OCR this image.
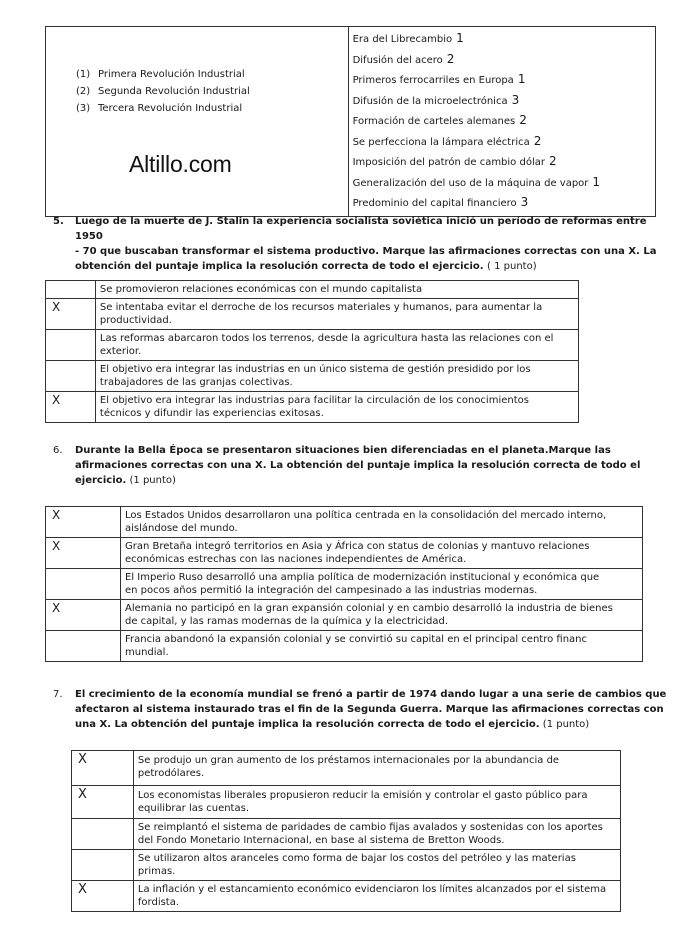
(1) Primera Revolución Industrial
(2) Segunda Revolución Industrial
(3) Tercera Revolución Industrial
Altillo.com

Era del Librecambio 1
Difusión del acero 2
Primeros ferrocarriles en Europa 1
Difusión de la microelectrónica 3
Formación de carteles alemanes 2
Se perfecciona la lámpara eléctrica 2
Imposición del patrón de cambio dólar 2
Generalización del uso de la máquina de vapor 1
Predominio del capital financiero 3
5. Luego de la muerte de J. Stalin la experiencia socialista soviética inició un período de reformas entre 1950
- 70 que buscaban transformar el sistema productivo. Marque las afirmaciones correctas con una X. La
obtención del puntaje implica la resolución correcta de todo el ejercicio. ( 1 punto)

	Se promovieron relaciones económicas con el mundo capitalista

X	Se intentaba evitar el derroche de los recursos materiales y humanos, para aumentar la
productividad.

	Las reformas abarcaron todos los terrenos, desde la agricultura hasta las relaciones con el
exterior.

	El objetivo era integrar las industrias en un único sistema de gestión presidido por los
trabajadores de las granjas colectivas.

X	El objetivo era integrar las industrias para facilitar la circulación de los conocimientos
técnicos y difundir las experiencias exitosas.
6. Durante la Bella Época se presentaron situaciones bien diferenciadas en el planeta.Marque las
afirmaciones correctas con una X. La obtención del puntaje implica la resolución correcta de todo el
ejercicio. (1 punto)
X	Los Estados Unidos desarrollaron una política centrada en la consolidación del mercado interno,
aislándose del mundo.

X	Gran Bretaña integró territorios en Asia y África con status de colonias y mantuvo relaciones
económicas estrechas con las naciones independientes de América.

	El Imperio Ruso desarrolló una amplia política de modernización institucional y económica que
en pocos años permitió la integración del campesinado a las industrias modernas.

X	Alemania no participó en la gran expansión colonial y en cambio desarrolló la industria de bienes
de capital, y las ramas modernas de la química y la electricidad.

	Francia abandonó la expansión colonial y se convirtió su capital en el principal centro financ
mundial.
7. El crecimiento de la economía mundial se frenó a partir de 1974 dando lugar a una serie de cambios que
afectaron al sistema instaurado tras el fin de la Segunda Guerra. Marque las afirmaciones correctas con
una X. La obtención del puntaje implica la resolución correcta de todo el ejercicio. (1 punto)
X	Se produjo un gran aumento de los préstamos internacionales por la abundancia de
petrodólares.

X	Los economistas liberales propusieron reducir la emisión y controlar el gasto público para
equilibrar las cuentas.

	Se reimplantó el sistema de paridades de cambio fijas avalados y sostenidas con los aportes
del Fondo Monetario Internacional, en base al sistema de Bretton Woods.

	Se utilizaron altos aranceles como forma de bajar los costos del petróleo y las materias
primas.

X	La inflación y el estancamiento económico evidenciaron los límites alcanzados por el sistema
fordista.
